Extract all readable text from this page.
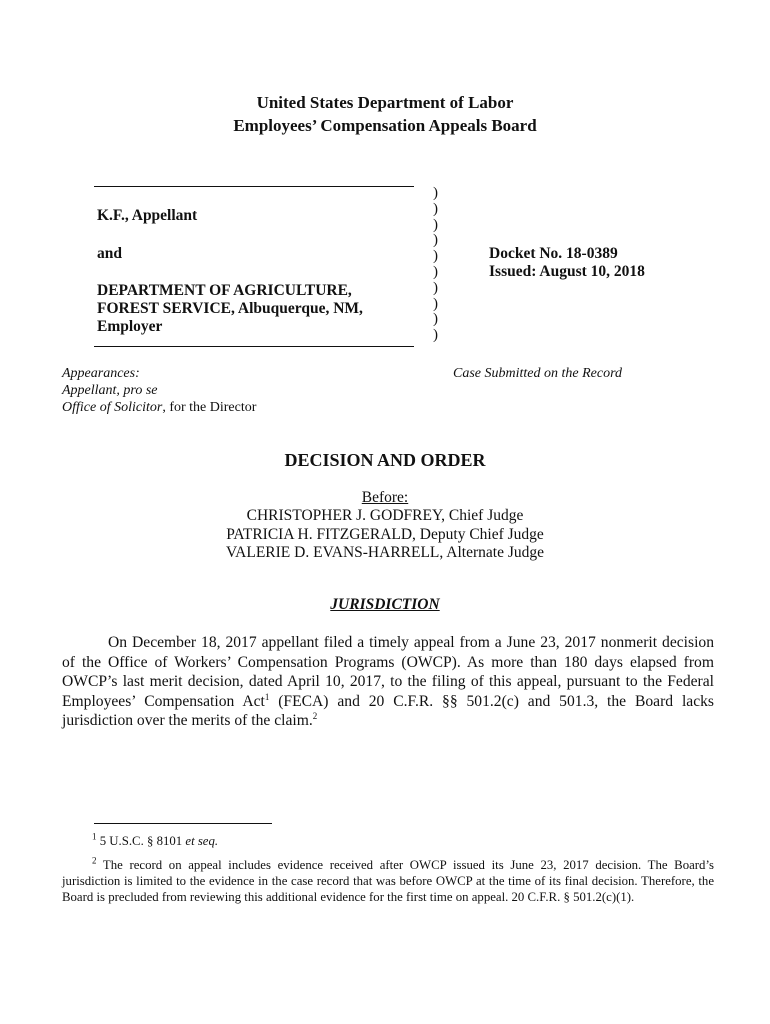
United States Department of Labor
Employees’ Compensation Appeals Board
K.F., Appellant
and
DEPARTMENT OF AGRICULTURE,
FOREST SERVICE, Albuquerque, NM,
Employer
)
)
)
)
)
)
)
)
)
)
Docket No. 18-0389
Issued: August 10, 2018
Appearances:
Appellant, pro se
Office of Solicitor, for the Director
Case Submitted on the Record
DECISION AND ORDER
Before:
CHRISTOPHER J. GODFREY, Chief Judge
PATRICIA H. FITZGERALD, Deputy Chief Judge
VALERIE D. EVANS-HARRELL, Alternate Judge
JURISDICTION
On December 18, 2017 appellant filed a timely appeal from a June 23, 2017 nonmerit decision of the Office of Workers’ Compensation Programs (OWCP). As more than 180 days elapsed from OWCP’s last merit decision, dated April 10, 2017, to the filing of this appeal, pursuant to the Federal Employees’ Compensation Act$^1$ (FECA) and 20 C.F.R. §§ 501.2(c) and 501.3, the Board lacks jurisdiction over the merits of the claim.$^2$
$^1$ 5 U.S.C. § 8101 et seq.
$^2$ The record on appeal includes evidence received after OWCP issued its June 23, 2017 decision. The Board’s jurisdiction is limited to the evidence in the case record that was before OWCP at the time of its final decision. Therefore, the Board is precluded from reviewing this additional evidence for the first time on appeal. 20 C.F.R. § 501.2(c)(1).
